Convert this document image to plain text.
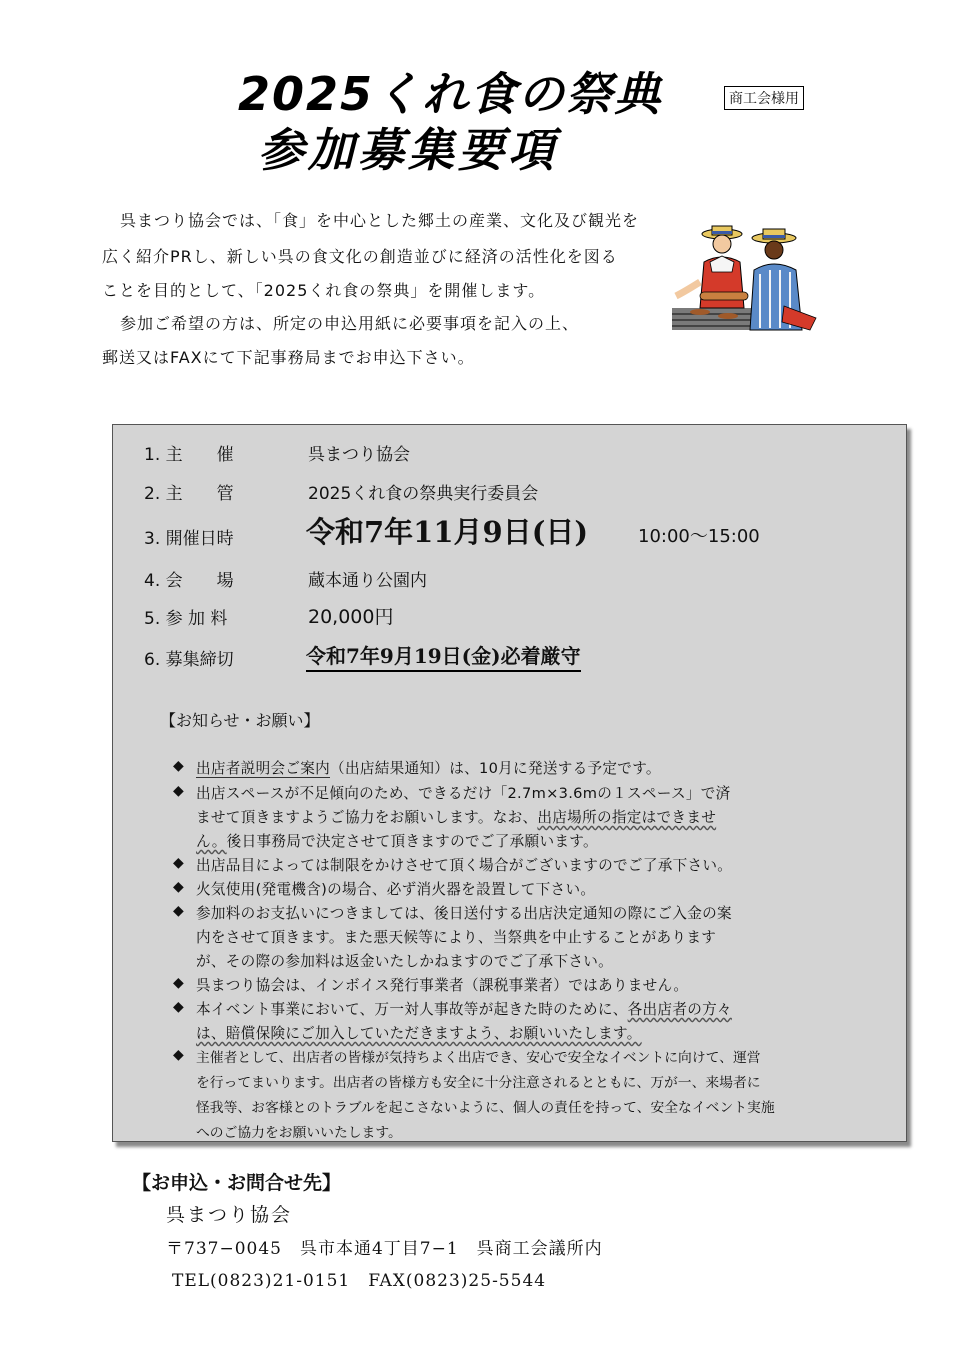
2025くれ食の祭典
参加募集要項
商工会様用
呉まつり協会では、「食」を中心とした郷土の産業、文化及び観光を
広く紹介PRし、新しい呉の食文化の創造並びに経済の活性化を図る
ことを目的として、「2025くれ食の祭典」を開催します。
参加ご希望の方は、所定の申込用紙に必要事項を記入の上、
郵送又はFAXにて下記事務局までお申込下さい。
1. 主　　催	呉まつり協会
2. 主　　管	2025くれ食の祭典実行委員会
3. 開催日時 令和7年11月9日(日)	10:00〜15:00
4. 会　　場	蔵本通り公園内
5. 参 加 料	20,000円
6. 募集締切	令和7年9月19日(金)必着厳守
【お知らせ・お願い】
◆ 出店者説明会ご案内（出店結果通知）は、10月に発送する予定です。
◆ 出店スペースが不足傾向のため、できるだけ「2.7m×3.6mの１スペース」で済
ませて頂きますようご協力をお願いします。なお、出店場所の指定はできませ
ん。後日事務局で決定させて頂きますのでご了承願います。
◆ 出店品目によっては制限をかけさせて頂く場合がございますのでご了承下さい。
◆ 火気使用(発電機含)の場合、必ず消火器を設置して下さい。
◆ 参加料のお支払いにつきましては、後日送付する出店決定通知の際にご入金の案
内をさせて頂きます。また悪天候等により、当祭典を中止することがあります
が、その際の参加料は返金いたしかねますのでご了承下さい。
◆ 呉まつり協会は、インボイス発行事業者（課税事業者）ではありません。
◆ 本イベント事業において、万一対人事故等が起きた時のために、各出店者の方々
は、賠償保険にご加入していただきますよう、お願いいたします。
◆ 主催者として、出店者の皆様が気持ちよく出店でき、安心で安全なイベントに向けて、運営
を行ってまいります。出店者の皆様方も安全に十分注意されるとともに、万が一、来場者に
怪我等、お客様とのトラブルを起こさないように、個人の責任を持って、安全なイベント実施
へのご協力をお願いいたします。
【お申込・お問合せ先】
呉まつり協会
〒737−0045　呉市本通4丁目7−1　呉商工会議所内
TEL(0823)21-0151　FAX(0823)25-5544
